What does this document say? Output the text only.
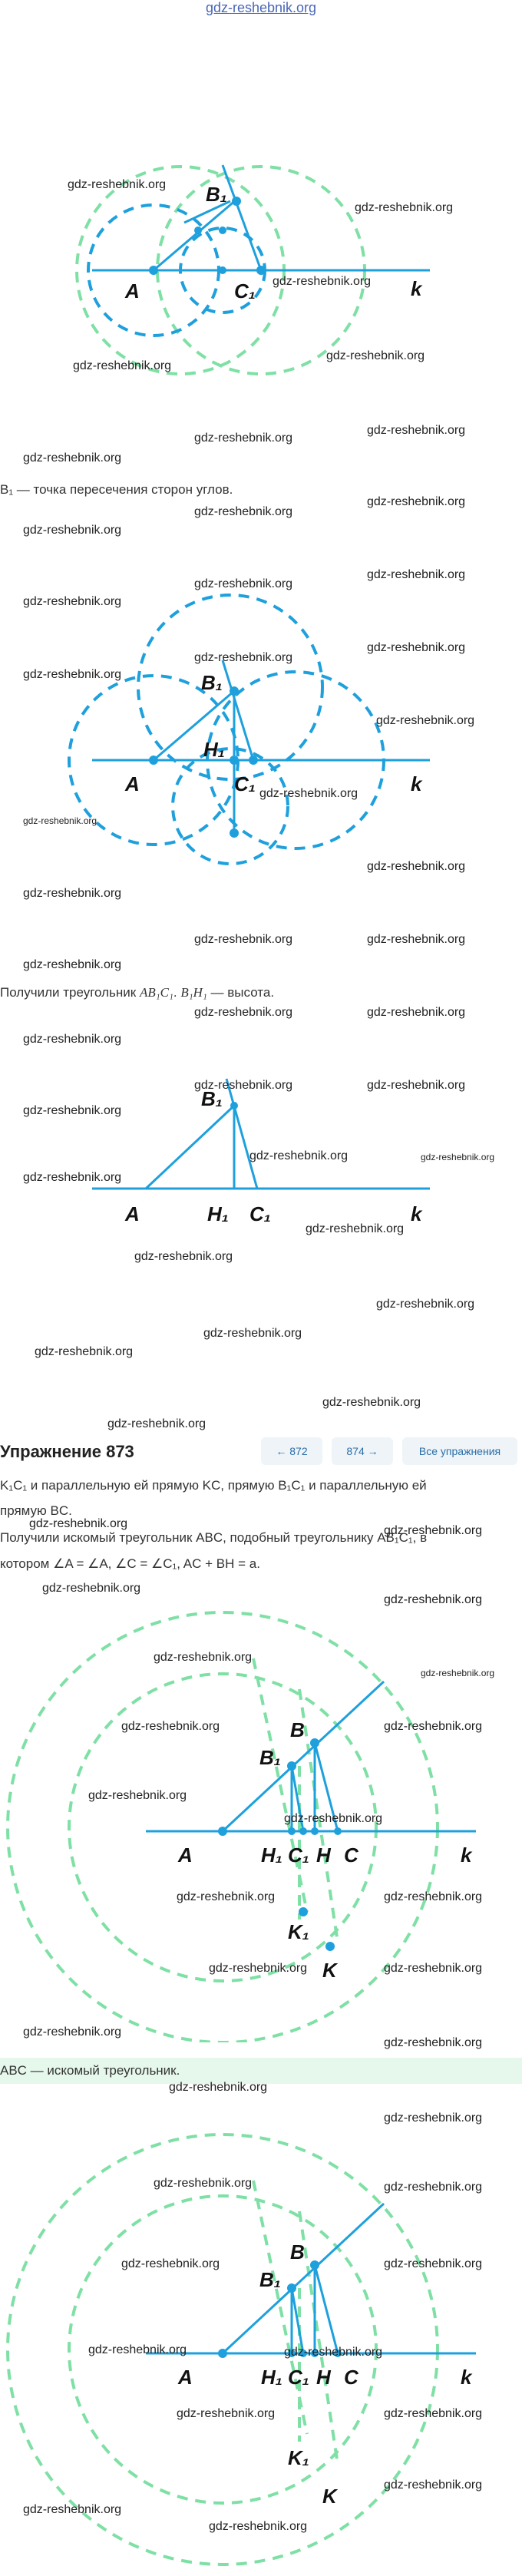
gdz-reshebnik.org
A	C₁
B₁
k
A
B₁
H₁
C₁	k
A
B₁
H₁ C₁	k
A
B₁
B
H₁ C₁ H C	k
K₁
K
A
B₁
B
H₁ C₁ H C	k
K₁
K
B₁ — точка пересечения сторон углов.
Получили треугольник AB₁C₁. B₁H₁ — высота.
Упражнение 873	← 872	874 →	Все упражнения
K₁C₁ и параллельную ей прямую KC, прямую B₁C₁ и параллельную ей
прямую BC.
Получили искомый треугольник ABC, подобный треугольнику AB₁C₁, в
котором ∠A = ∠A, ∠C = ∠C₁, AC + BH = a.
ABC — искомый треугольник.
gdz-reshebnik.org
gdz-reshebnik.org
gdz-reshebnik.org
gdz-reshebnik.org
gdz-reshebnik.org
gdz-reshebnik.org
gdz-reshebnik.org
gdz-reshebnik.org
gdz-reshebnik.org
gdz-reshebnik.org
gdz-reshebnik.org
gdz-reshebnik.org
gdz-reshebnik.org
gdz-reshebnik.org
gdz-reshebnik.org
gdz-reshebnik.org
gdz-reshebnik.org
gdz-reshebnik.org
gdz-reshebnik.org
gdz-reshebnik.org
gdz-reshebnik.org
gdz-reshebnik.org
gdz-reshebnik.org	gdz-reshebnik.org
gdz-reshebnik.org
gdz-reshebnik.org	gdz-reshebnik.org
gdz-reshebnik.org
gdz-reshebnik.org	gdz-reshebnik.org
gdz-reshebnik.org
gdz-reshebnik.org	gdz-reshebnik.org
gdz-reshebnik.org
gdz-reshebnik.org
gdz-reshebnik.org
gdz-reshebnik.org
gdz-reshebnik.org
gdz-reshebnik.org
gdz-reshebnik.org
gdz-reshebnik.org
gdz-reshebnik.org
gdz-reshebnik.org
gdz-reshebnik.org
gdz-reshebnik.org
gdz-reshebnik.org
gdz-reshebnik.org
gdz-reshebnik.org	gdz-reshebnik.org
gdz-reshebnik.org
gdz-reshebnik.org
gdz-reshebnik.org	gdz-reshebnik.org
gdz-reshebnik.org	gdz-reshebnik.org
gdz-reshebnik.org
gdz-reshebnik.org
gdz-reshebnik.org
gdz-reshebnik.org
gdz-reshebnik.org	gdz-reshebnik.org
gdz-reshebnik.org	gdz-reshebnik.org
gdz-reshebnik.org	gdz-reshebnik.org
gdz-reshebnik.org	gdz-reshebnik.org
gdz-reshebnik.org
gdz-reshebnik.org
gdz-reshebnik.org
